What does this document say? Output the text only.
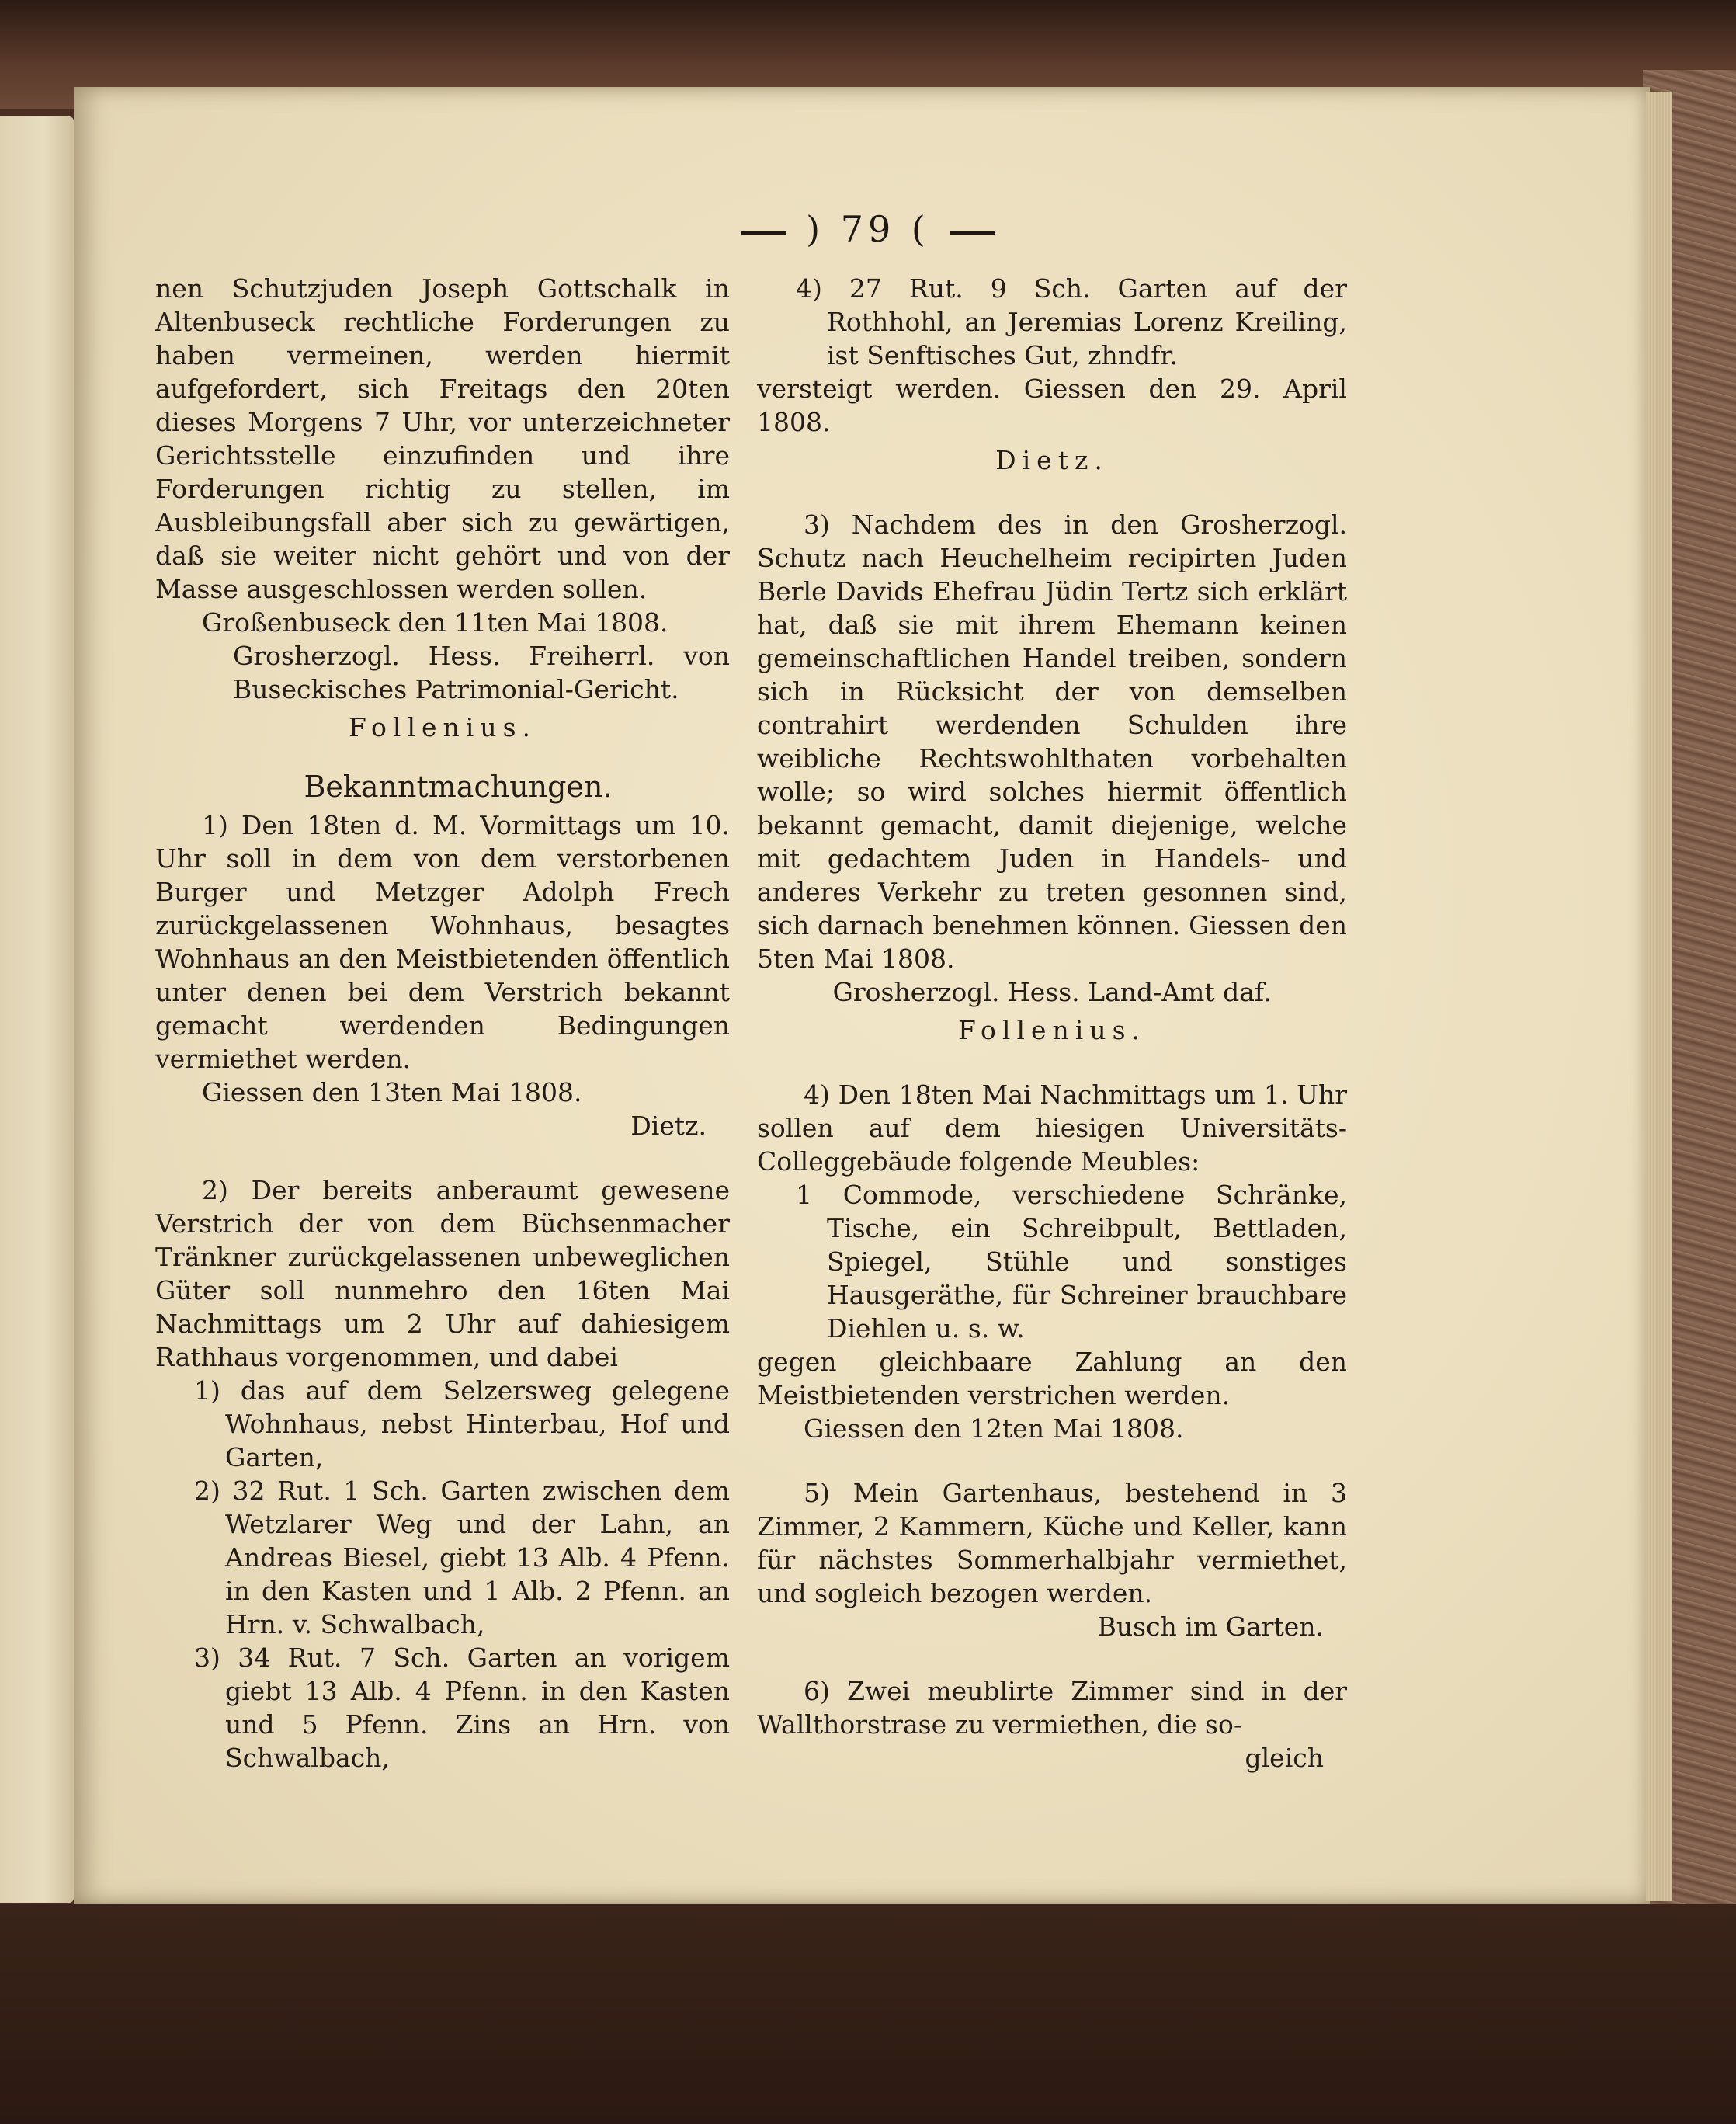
) 79 (

nen Schutzjuden Joseph Gottschalk in Altenbuseck rechtliche Forderungen zu haben vermeinen, werden hiermit aufgefordert, sich Freitags den 20ten dieses Morgens 7 Uhr, vor unterzeichneter Gerichtsstelle einzufinden und ihre Forderungen richtig zu stellen, im Ausbleibungsfall aber sich zu gewärtigen, daß sie weiter nicht gehört und von der Masse ausgeschlossen werden sollen.

Großenbuseck den 11ten Mai 1808.

Grosherzogl. Hess. Freiherrl. von Buseckisches Patrimonial-Gericht.

Follenius.

Bekanntmachungen.

1) Den 18ten d. M. Vormittags um 10. Uhr soll in dem von dem verstorbenen Burger und Metzger Adolph Frech zurückgelassenen Wohnhaus, besagtes Wohnhaus an den Meistbietenden öffentlich unter denen bei dem Verstrich bekannt gemacht werdenden Bedingungen vermiethet werden.

Giessen den 13ten Mai 1808.

Dietz.

2) Der bereits anberaumt gewesene Verstrich der von dem Büchsenmacher Tränkner zurückgelassenen unbeweglichen Güter soll nunmehro den 16ten Mai Nachmittags um 2 Uhr auf dahiesigem Rathhaus vorgenommen, und dabei

1) das auf dem Selzersweg gelegene Wohnhaus, nebst Hinterbau, Hof und Garten,

2) 32 Rut. 1 Sch. Garten zwischen dem Wetzlarer Weg und der Lahn, an Andreas Biesel, giebt 13 Alb. 4 Pfenn. in den Kasten und 1 Alb. 2 Pfenn. an Hrn. v. Schwalbach,

3) 34 Rut. 7 Sch. Garten an vorigem giebt 13 Alb. 4 Pfenn. in den Kasten und 5 Pfenn. Zins an Hrn. von Schwalbach,

4) 27 Rut. 9 Sch. Garten auf der Rothhohl, an Jeremias Lorenz Kreiling, ist Senftisches Gut, zhndfr.

versteigt werden. Giessen den 29. April 1808.

Dietz.

3) Nachdem des in den Grosherzogl. Schutz nach Heuchelheim recipirten Juden Berle Davids Ehefrau Jüdin Tertz sich erklärt hat, daß sie mit ihrem Ehemann keinen gemeinschaftlichen Handel treiben, sondern sich in Rücksicht der von demselben contrahirt werdenden Schulden ihre weibliche Rechtswohlthaten vorbehalten wolle; so wird solches hiermit öffentlich bekannt gemacht, damit diejenige, welche mit gedachtem Juden in Handels- und anderes Verkehr zu treten gesonnen sind, sich darnach benehmen können. Giessen den 5ten Mai 1808.

Grosherzogl. Hess. Land-Amt daf.

Follenius.

4) Den 18ten Mai Nachmittags um 1. Uhr sollen auf dem hiesigen Universitäts-Colleggebäude folgende Meubles:

1 Commode, verschiedene Schränke, Tische, ein Schreibpult, Bettladen, Spiegel, Stühle und sonstiges Hausgeräthe, für Schreiner brauchbare Diehlen u. s. w.

gegen gleichbaare Zahlung an den Meistbietenden verstrichen werden.

Giessen den 12ten Mai 1808.

5) Mein Gartenhaus, bestehend in 3 Zimmer, 2 Kammern, Küche und Keller, kann für nächstes Sommerhalbjahr vermiethet, und sogleich bezogen werden.

Busch im Garten.

6) Zwei meublirte Zimmer sind in der Wallthorstrase zu vermiethen, die so-

gleich
